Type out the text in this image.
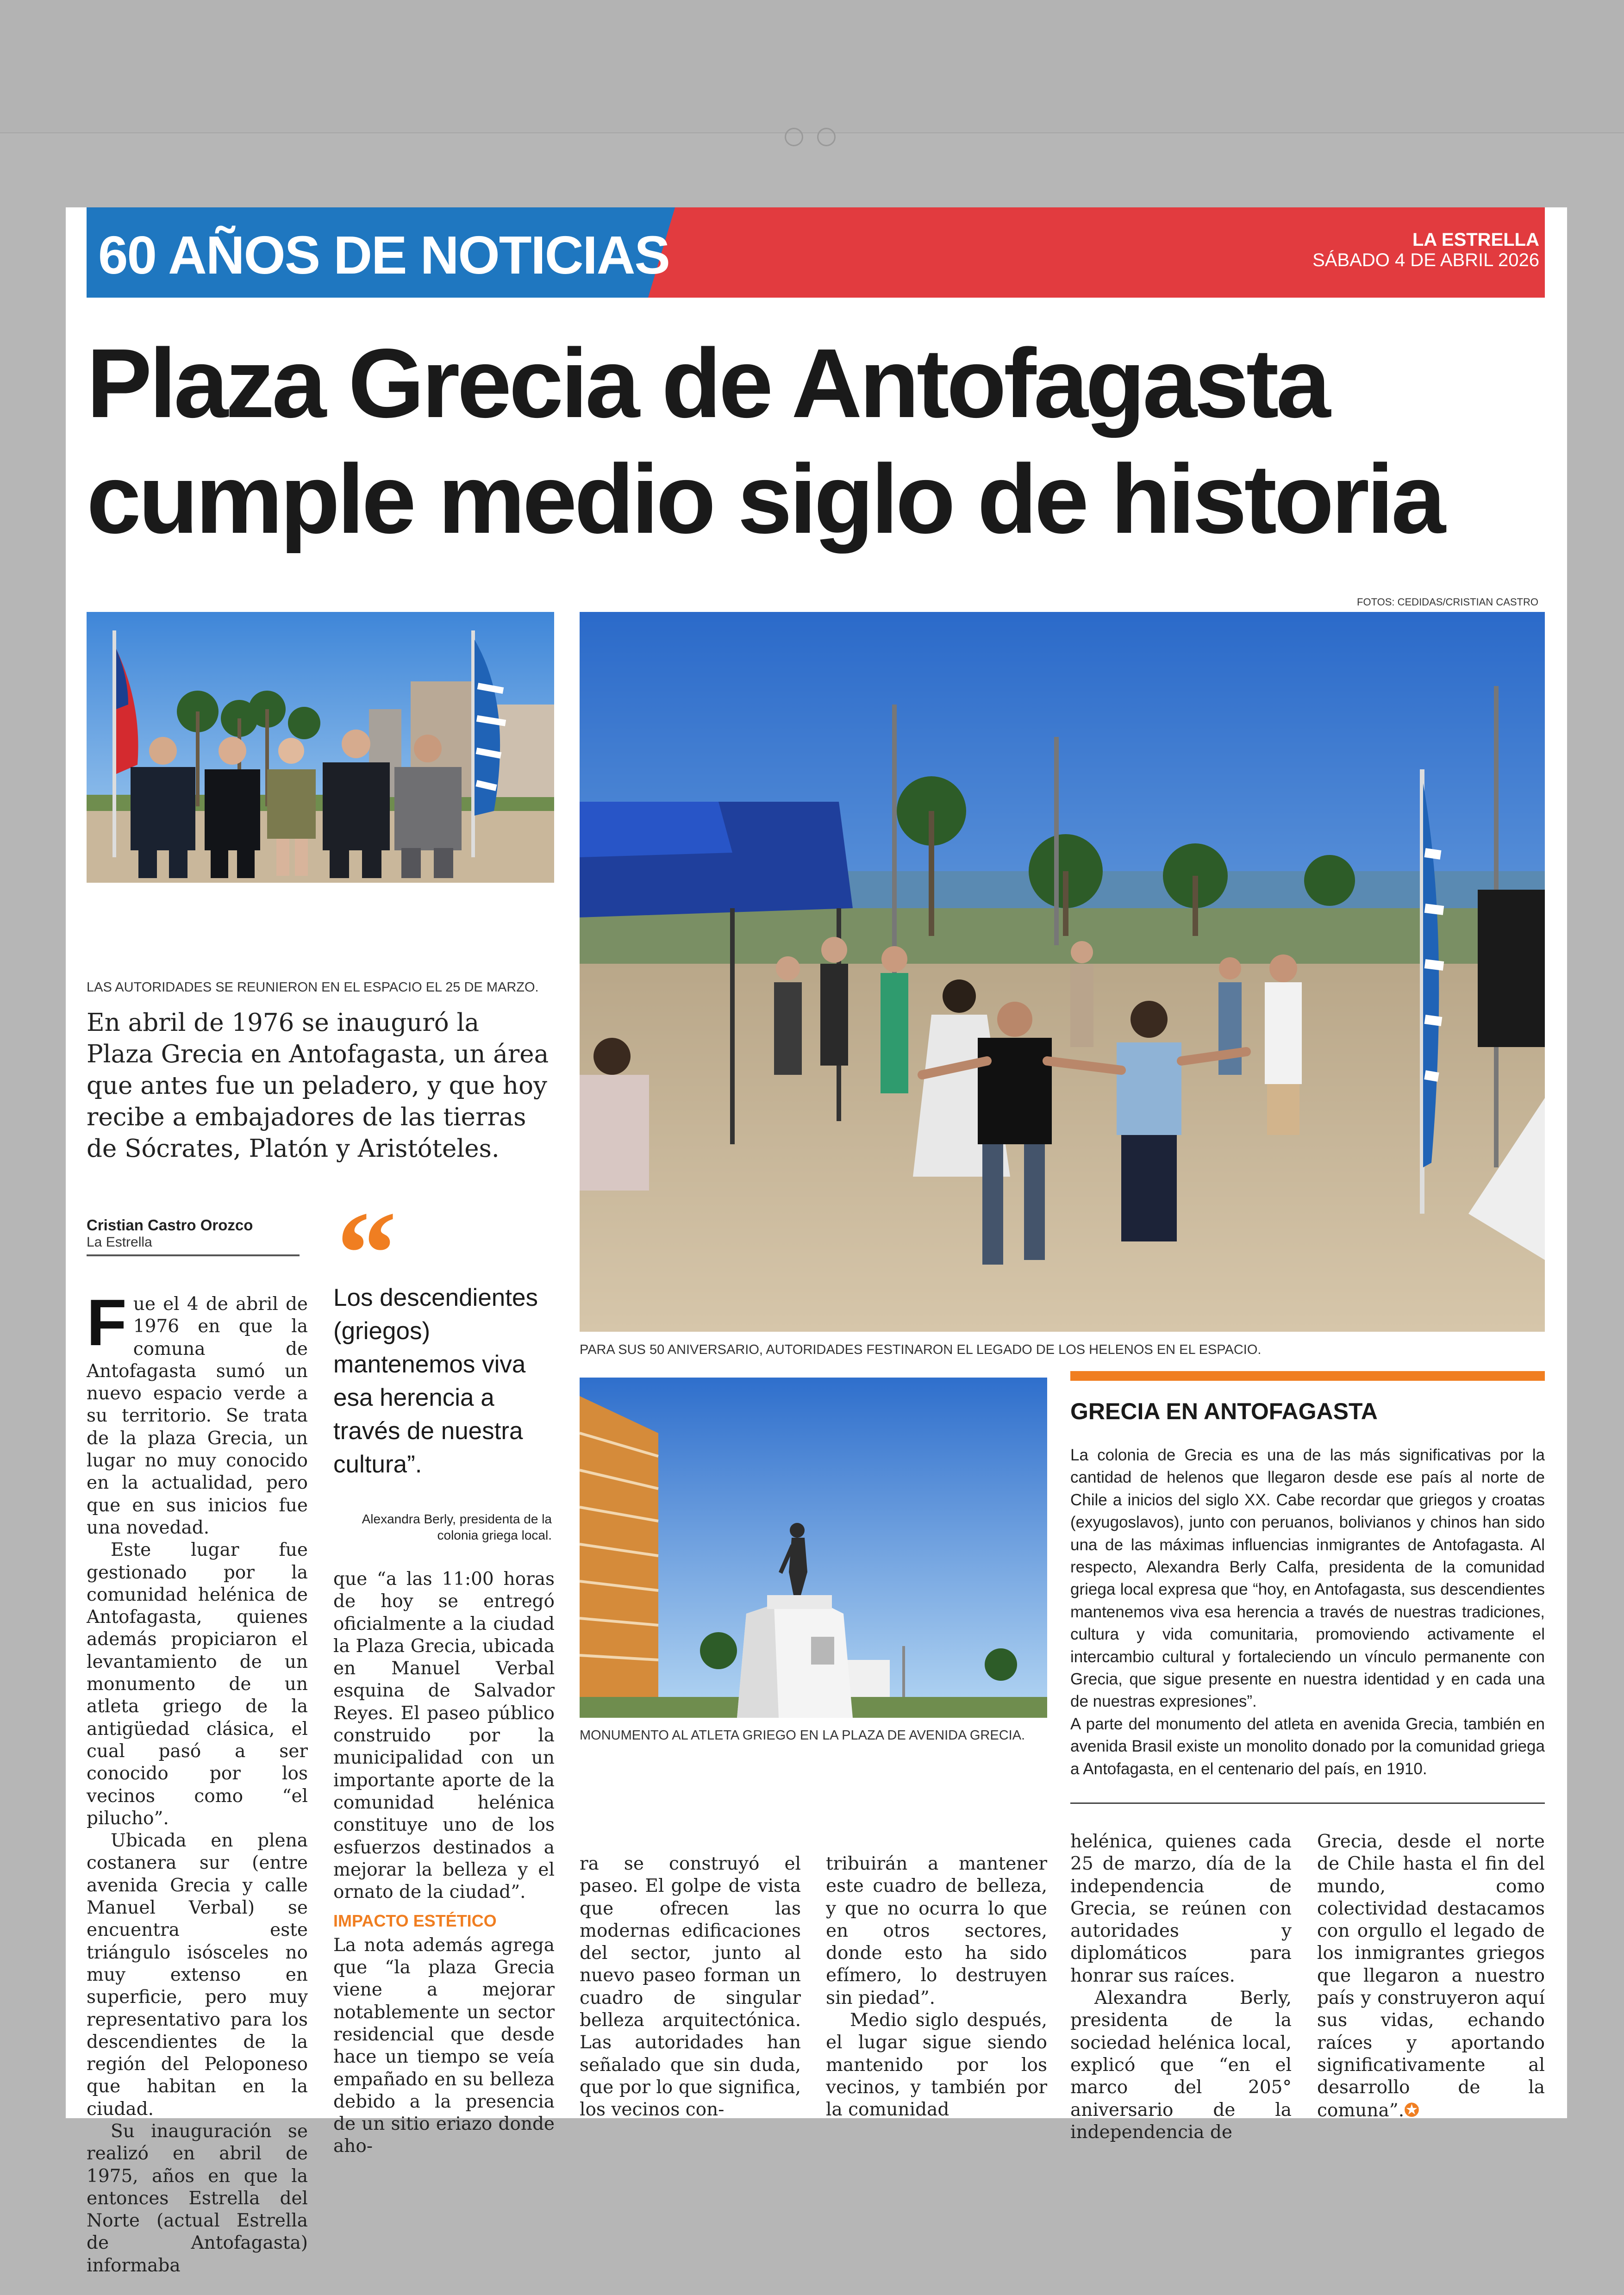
60 AÑOS DE NOTICIAS	LA ESTRELLA
SÁBADO 4 DE ABRIL 2026
Plaza Grecia de Antofagasta
cumple medio siglo de historia
FOTOS: CEDIDAS/CRISTIAN CASTRO
LAS AUTORIDADES SE REUNIERON EN EL ESPACIO EL 25 DE MARZO.
PARA SUS 50 ANIVERSARIO, AUTORIDADES FESTINARON EL LEGADO DE LOS HELENOS EN EL ESPACIO.
MONUMENTO AL ATLETA GRIEGO EN LA PLAZA DE AVENIDA GRECIA.
En abril de 1976 se inauguró la Plaza Grecia en Antofagasta, un área que antes fue un peladero, y que hoy recibe a embajadores de las tierras de Sócrates, Platón y Aristóteles.
Cristian Castro Orozco
La Estrella “
Los descendientes (griegos) mantenemos viva esa herencia a través de nuestra cultura”.
Alexandra Berly, presidenta de la colonia griega local.

Fue el 4 de abril de 1976 en que la comuna de Antofagasta sumó un nuevo espacio verde a su territorio. Se trata de la plaza Grecia, un lugar no muy conocido en la actualidad, pero que en sus inicios fue una novedad.

Este lugar fue gestionado por la comunidad helénica de Antofagasta, quienes además propiciaron el levantamiento de un monumento de un atleta griego de la antigüedad clásica, el cual pasó a ser conocido por los vecinos como “el pilucho”.

Ubicada en plena costanera sur (entre avenida Grecia y calle Manuel Verbal) se encuentra este triángulo isósceles no muy extenso en superficie, pero muy representativo para los descendientes de la región del Peloponeso que habitan en la ciudad.

Su inauguración se realizó en abril de 1975, años en que la entonces Estrella del Norte (actual Estrella de Antofagasta) informaba

que “a las 11:00 horas de hoy se entregó oficialmente a la ciudad la Plaza Grecia, ubicada en Manuel Verbal esquina de Salvador Reyes. El paseo público construido por la municipalidad con un importante aporte de la comunidad helénica constituye uno de los esfuerzos destinados a mejorar la belleza y el ornato de la ciudad”.

IMPACTO ESTÉTICO

La nota además agrega que “la plaza Grecia viene a mejorar notablemente un sector residencial que desde hace un tiempo se veía empañado en su belleza debido a la presencia de un sitio eriazo donde aho-

ra se construyó el paseo. El golpe de vista que ofrecen las modernas edificaciones del sector, junto al nuevo paseo forman un cuadro de singular belleza arquitectónica. Las autoridades han señalado que sin duda, que por lo que significa, los vecinos con-

tribuirán a mantener este cuadro de belleza, y que no ocurra lo que en otros sectores, donde esto ha sido efímero, lo destruyen sin piedad”.

Medio siglo después, el lugar sigue siendo mantenido por los vecinos, y también por la comunidad

helénica, quienes cada 25 de marzo, día de la independencia de Grecia, se reúnen con autoridades y diplomáticos para honrar sus raíces.

Alexandra Berly, presidenta de la sociedad helénica local, explicó que “en el marco del 205° aniversario de la independencia de

Grecia, desde el norte de Chile hasta el fin del mundo, como colectividad destacamos con orgullo el legado de los inmigrantes griegos que llegaron a nuestro país y construyeron aquí sus vidas, echando raíces y aportando significativamente al desarrollo de la comuna”.✪

GRECIA EN ANTOFAGASTA

La colonia de Grecia es una de las más significativas por la cantidad de helenos que llegaron desde ese país al norte de Chile a inicios del siglo XX. Cabe recordar que griegos y croatas (exyugoslavos), junto con peruanos, bolivianos y chinos han sido una de las máximas influencias inmigrantes de Antofagasta. Al respecto, Alexandra Berly Calfa, presidenta de la comunidad griega local expresa que “hoy, en Antofagasta, sus descendientes mantenemos viva esa herencia a través de nuestras tradiciones, cultura y vida comunitaria, promoviendo activamente el intercambio cultural y fortaleciendo un vínculo permanente con Grecia, que sigue presente en nuestra identidad y en cada una de nuestras expresiones”.

A parte del monumento del atleta en avenida Grecia, también en avenida Brasil existe un monolito donado por la comunidad griega a Antofagasta, en el centenario del país, en 1910.
